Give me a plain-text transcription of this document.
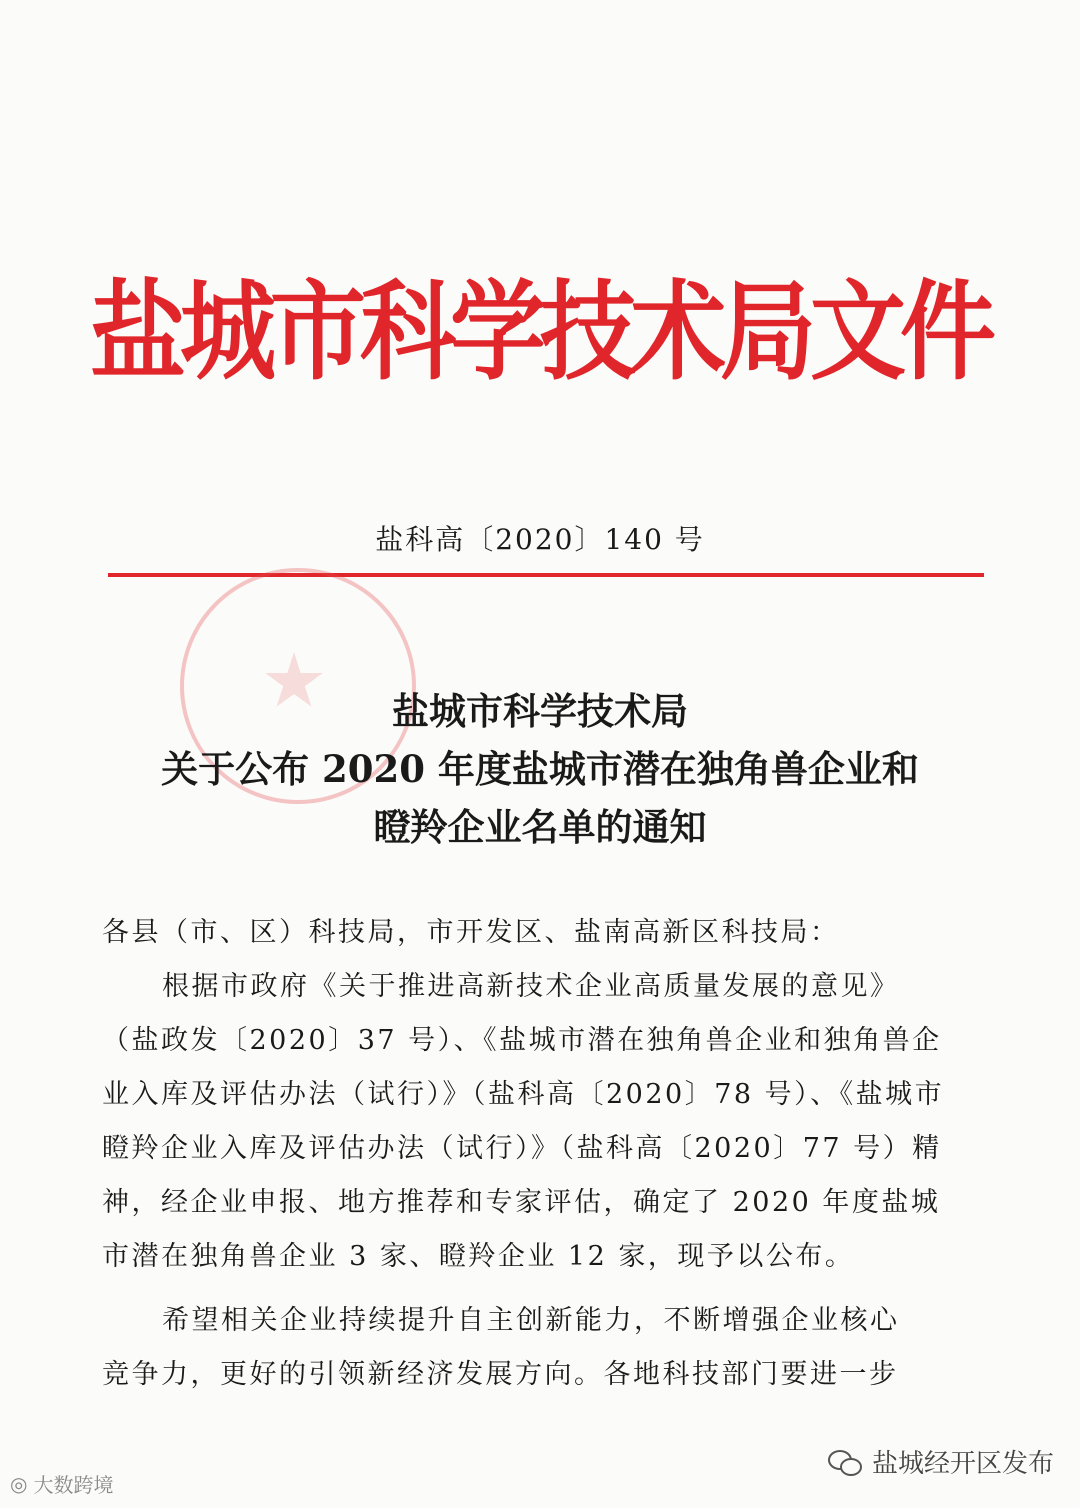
盐城市科学技术局文件
盐科高〔2020〕140 号
盐城市科学技术局
关于公布 2020 年度盐城市潜在独角兽企业和
瞪羚企业名单的通知

各县（市、区）科技局，市开发区、盐南高新区科技局：

根据市政府《关于推进高新技术企业高质量发展的意见》

（盐政发〔2020〕37 号）、《盐城市潜在独角兽企业和独角兽企

业入库及评估办法（试行）》（盐科高〔2020〕78 号）、《盐城市

瞪羚企业入库及评估办法（试行）》（盐科高〔2020〕77 号）精

神，经企业申报、地方推荐和专家评估，确定了 2020 年度盐城

市潜在独角兽企业 3 家、瞪羚企业 12 家，现予以公布。

希望相关企业持续提升自主创新能力，不断增强企业核心

竞争力，更好的引领新经济发展方向。各地科技部门要进一步

◎ 大数跨境
盐城经开区发布
